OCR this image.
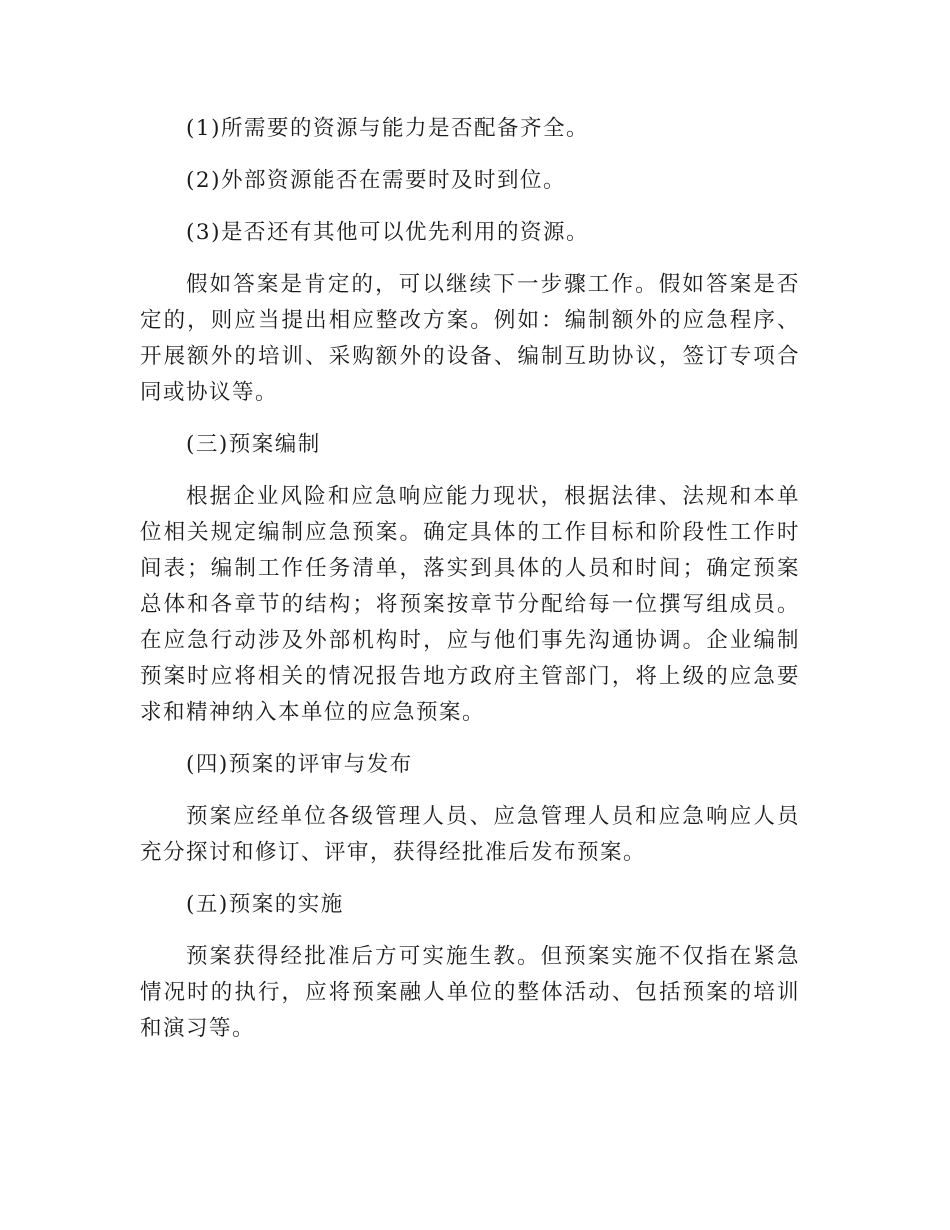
(1)所需要的资源与能力是否配备齐全。

(2)外部资源能否在需要时及时到位。

(3)是否还有其他可以优先利用的资源。

假如答案是肯定的，可以继续下一步骤工作。假如答案是否定的，则应当提出相应整改方案。例如：编制额外的应急程序、开展额外的培训、采购额外的设备、编制互助协议，签订专项合同或协议等。

(三)预案编制

根据企业风险和应急响应能力现状，根据法律、法规和本单位相关规定编制应急预案。确定具体的工作目标和阶段性工作时间表；编制工作任务清单，落实到具体的人员和时间；确定预案总体和各章节的结构；将预案按章节分配给每一位撰写组成员。在应急行动涉及外部机构时，应与他们事先沟通协调。企业编制预案时应将相关的情况报告地方政府主管部门，将上级的应急要求和精神纳入本单位的应急预案。

(四)预案的评审与发布

预案应经单位各级管理人员、应急管理人员和应急响应人员充分探讨和修订、评审，获得经批准后发布预案。

(五)预案的实施

预案获得经批准后方可实施生教。但预案实施不仅指在紧急情况时的执行，应将预案融人单位的整体活动、包括预案的培训和演习等。
